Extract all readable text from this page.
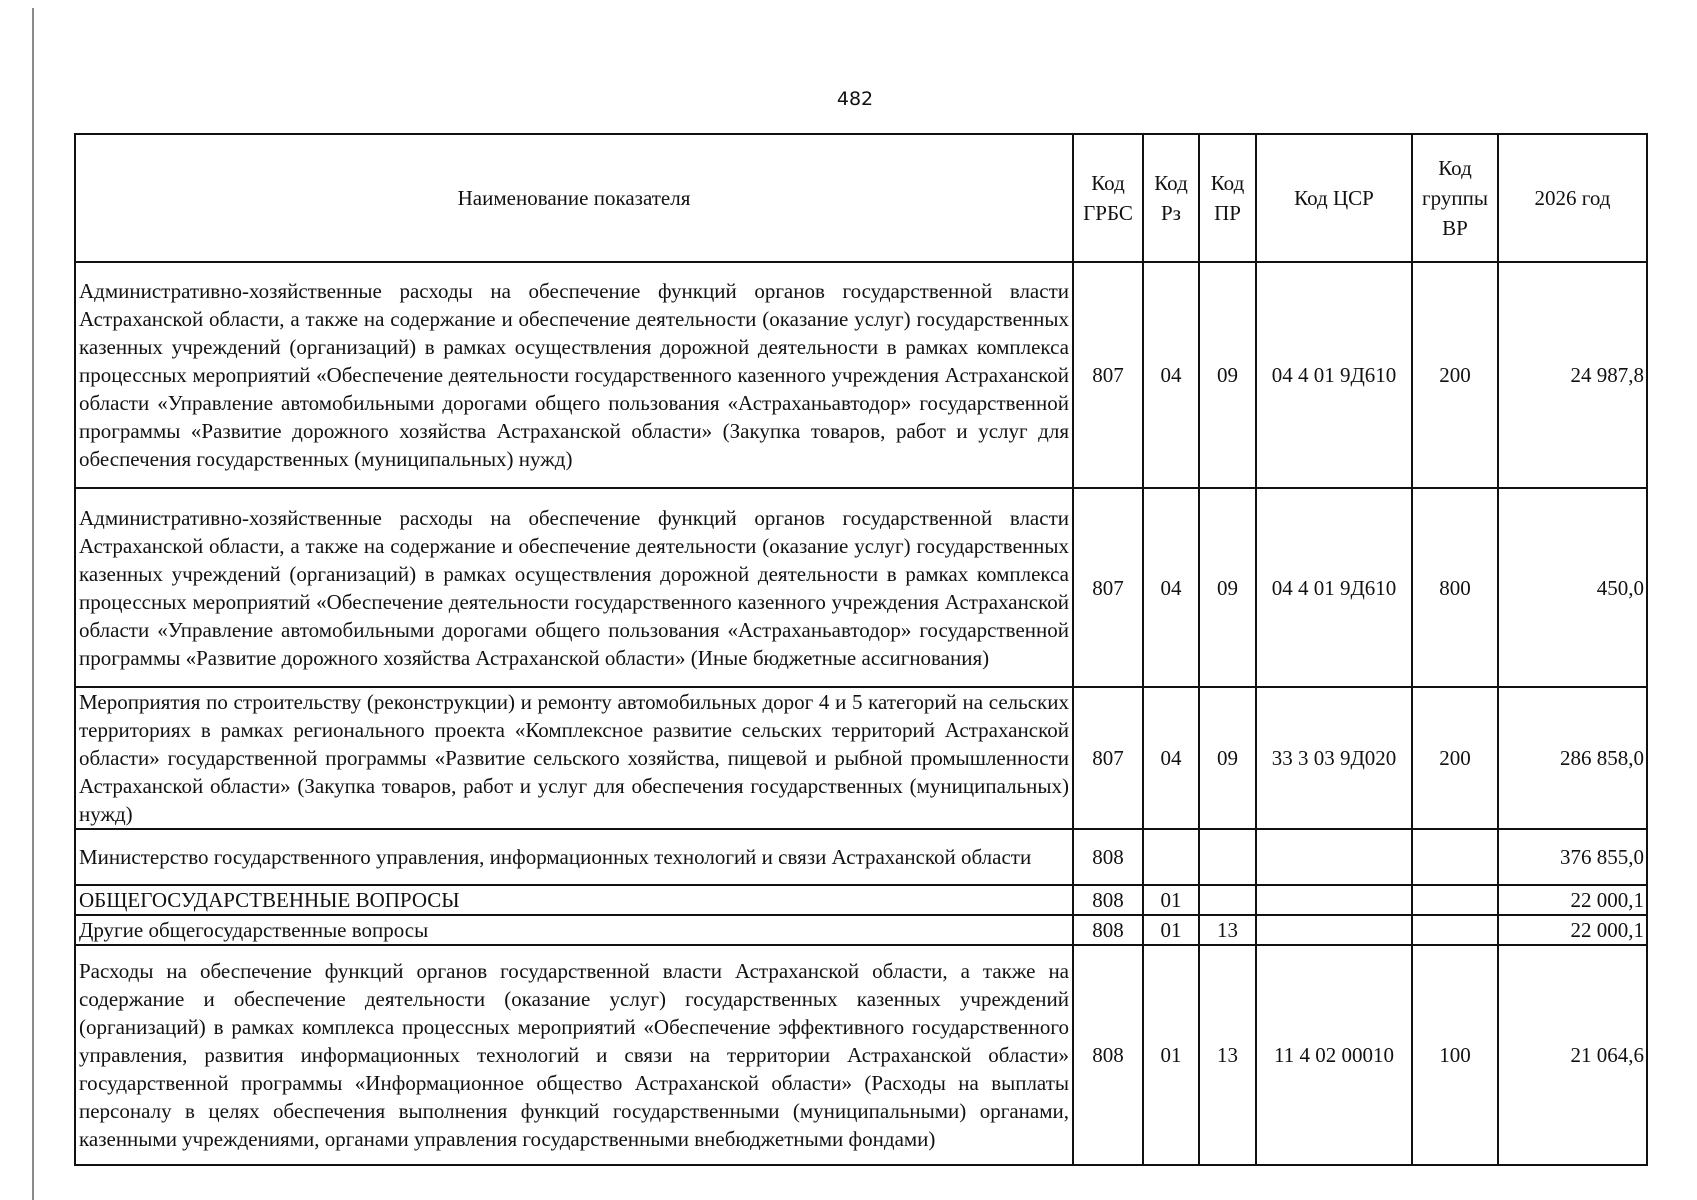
482
Наименование показателя	Код ГРБС	Код Рз	Код ПР	Код ЦСР	Код группы ВР	2026 год
Административно-хозяйственные расходы на обеспечение функций органов государственной власти Астраханской области, а также на содержание и обеспечение деятельности (оказание услуг) государственных казенных учреждений (организаций) в рамках осуществления дорожной деятельности в рамках комплекса процессных мероприятий «Обеспечение деятельности государственного казенного учреждения Астраханской области «Управление автомобильными дорогами общего пользования «Астраханьавтодор» государственной программы «Развитие дорожного хозяйства Астраханской области» (Закупка товаров, работ и услуг для обеспечения государственных (муниципальных) нужд)	807	04	09	04 4 01 9Д610	200	24 987,8
Административно-хозяйственные расходы на обеспечение функций органов государственной власти Астраханской области, а также на содержание и обеспечение деятельности (оказание услуг) государственных казенных учреждений (организаций) в рамках осуществления дорожной деятельности в рамках комплекса процессных мероприятий «Обеспечение деятельности государственного казенного учреждения Астраханской области «Управление автомобильными дорогами общего пользования «Астраханьавтодор» государственной программы «Развитие дорожного хозяйства Астраханской области» (Иные бюджетные ассигнования)	807	04	09	04 4 01 9Д610	800	450,0
Мероприятия по строительству (реконструкции) и ремонту автомобильных дорог 4 и 5 категорий на сельских территориях в рамках регионального проекта «Комплексное развитие сельских территорий Астраханской области» государственной программы «Развитие сельского хозяйства, пищевой и рыбной промышленности Астраханской области» (Закупка товаров, работ и услуг для обеспечения государственных (муниципальных) нужд)	807	04	09	33 3 03 9Д020	200	286 858,0
Министерство государственного управления, информационных технологий и связи Астраханской области	808					376 855,0
ОБЩЕГОСУДАРСТВЕННЫЕ ВОПРОСЫ	808	01				22 000,1
Другие общегосударственные вопросы	808	01	13			22 000,1
Расходы на обеспечение функций органов государственной власти Астраханской области, а также на содержание и обеспечение деятельности (оказание услуг) государственных казенных учреждений (организаций) в рамках комплекса процессных мероприятий «Обеспечение эффективного государственного управления, развития информационных технологий и связи на территории Астраханской области» государственной программы «Информационное общество Астраханской области» (Расходы на выплаты персоналу в целях обеспечения выполнения функций государственными (муниципальными) органами, казенными учреждениями, органами управления государственными внебюджетными фондами)	808	01	13	11 4 02 00010	100	21 064,6
